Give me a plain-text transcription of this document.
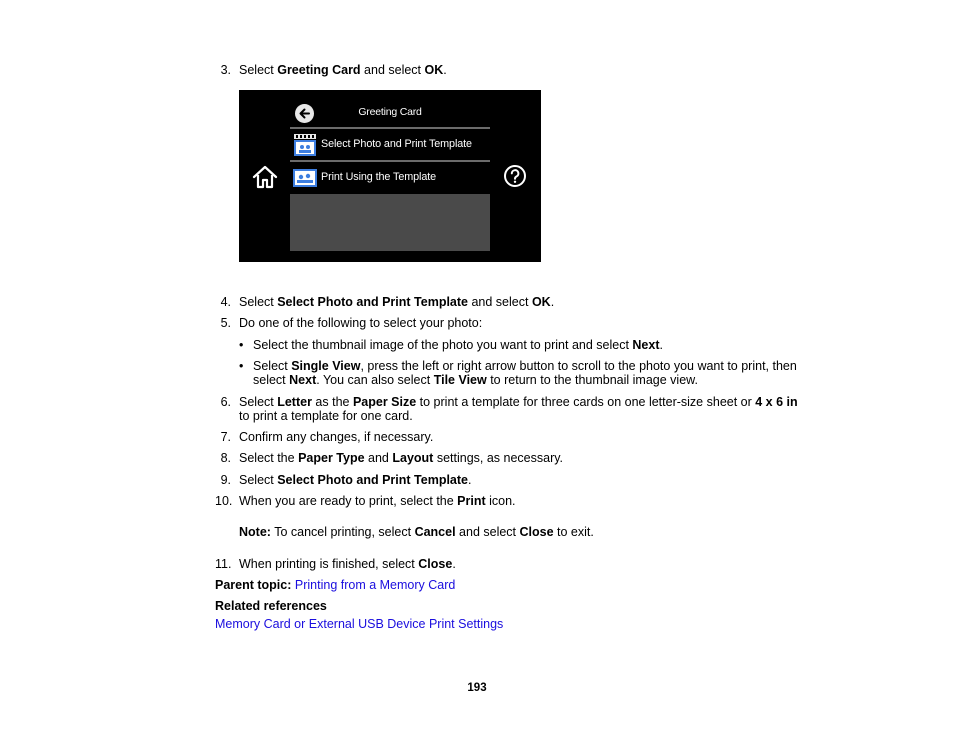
3. Select Greeting Card and select OK.
Greeting Card
Select Photo and Print Template
Print Using the Template
4. Select Select Photo and Print Template and select OK.
5. Do one of the following to select your photo:
• Select the thumbnail image of the photo you want to print and select Next.
• Select Single View, press the left or right arrow button to scroll to the photo you want to print, then
select Next. You can also select Tile View to return to the thumbnail image view.
6. Select Letter as the Paper Size to print a template for three cards on one letter-size sheet or 4 x 6 in
to print a template for one card.
7. Confirm any changes, if necessary.
8. Select the Paper Type and Layout settings, as necessary.
9. Select Select Photo and Print Template.
10. When you are ready to print, select the Print icon.
Note: To cancel printing, select Cancel and select Close to exit.
11. When printing is finished, select Close.
Parent topic: Printing from a Memory Card
Related references
Memory Card or External USB Device Print Settings
193
